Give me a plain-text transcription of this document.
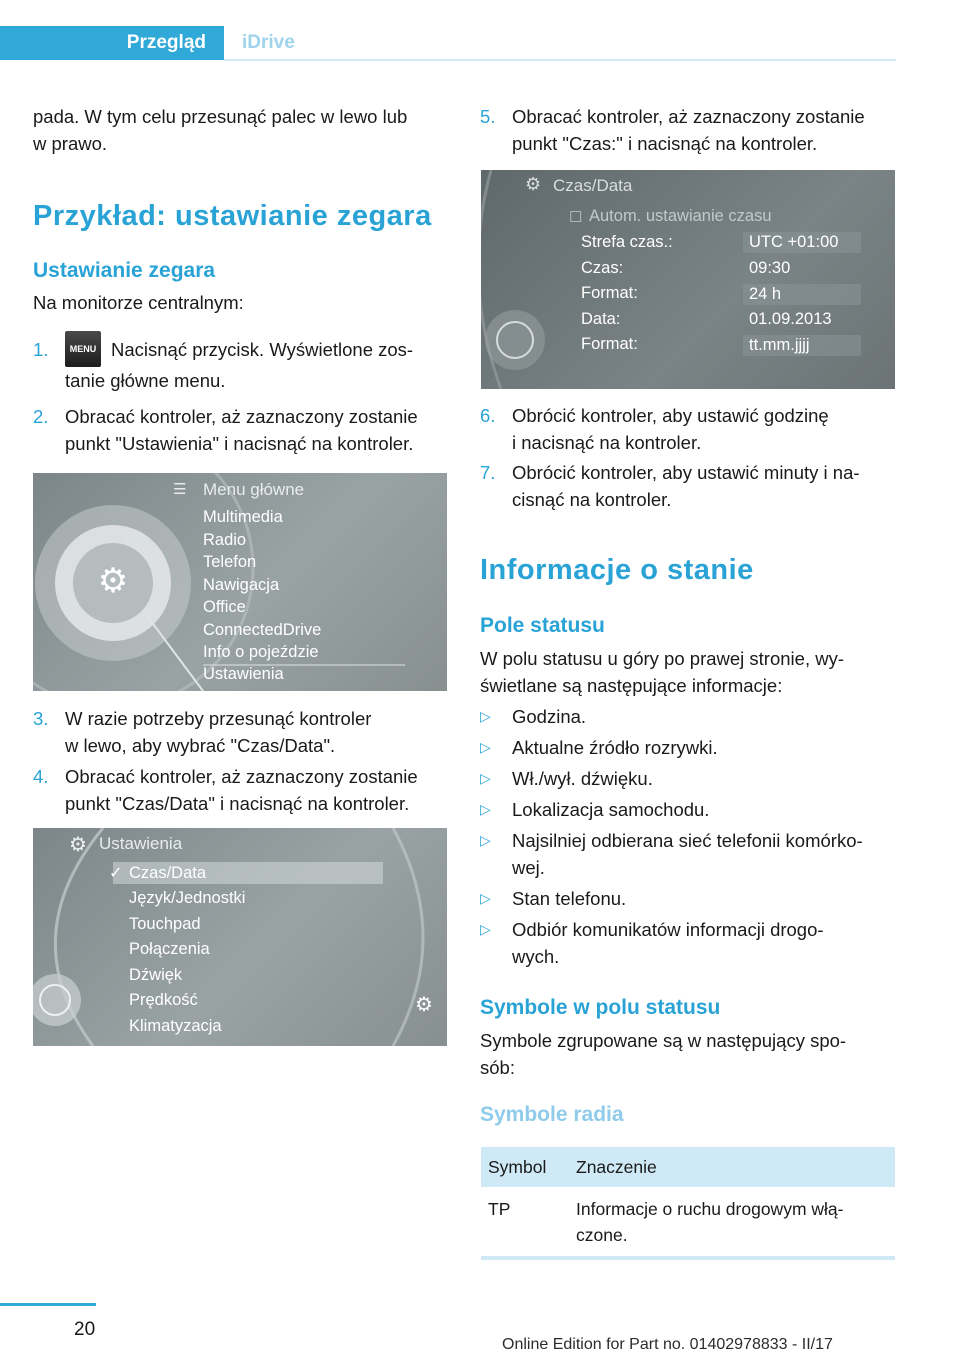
Przegląd	iDrive
pada. W tym celu przesunąć palec w lewo lub
w prawo.
Przykład: ustawianie zegara
Ustawianie zegara
Na monitorze centralnym:
1.	MENU Nacisnąć przycisk. Wyświetlone zos-
tanie główne menu.
2. Obracać kontroler, aż zaznaczony zostanie
punkt "Ustawienia" i nacisnąć na kontroler.
⚙
☰ Menu główne
Multimedia
Radio
Telefon
Nawigacja
Office
ConnectedDrive
Info o pojeździe
Ustawienia
3. W razie potrzeby przesunąć kontroler
w lewo, aby wybrać "Czas/Data".
4. Obracać kontroler, aż zaznaczony zostanie
punkt "Czas/Data" i nacisnąć na kontroler.
⚙ Ustawienia
✓ Czas/Data
Język/Jednostki
Touchpad
Połączenia
Dźwięk
Prędkość
Klimatyzacja
⚙
5. Obracać kontroler, aż zaznaczony zostanie
punkt "Czas:" i nacisnąć na kontroler.
⚙ Czas/Data
☐ Autom. ustawianie czasu
Strefa czas.:	UTC +01:00
Czas:	09:30
Format:	24 h
Data:	01.09.2013
Format:	tt.mm.jjjj
6. Obrócić kontroler, aby ustawić godzinę
i nacisnąć na kontroler.
7. Obrócić kontroler, aby ustawić minuty i na-
cisnąć na kontroler.
Informacje o stanie
Pole statusu
W polu statusu u góry po prawej stronie, wy-
świetlane są następujące informacje:
▷	Godzina.
▷	Aktualne źródło rozrywki.
▷	Wł./wył. dźwięku.
▷	Lokalizacja samochodu.
▷	Najsilniej odbierana sieć telefonii komórko-
wej.
▷	Stan telefonu.
▷	Odbiór komunikatów informacji drogo-
wych.
Symbole w polu statusu
Symbole zgrupowane są w następujący spo-
sób:
Symbole radia
Symbol	Znaczenie
TP	Informacje o ruchu drogowym włą-
czone.
20
Online Edition for Part no. 01402978833 - II/17
